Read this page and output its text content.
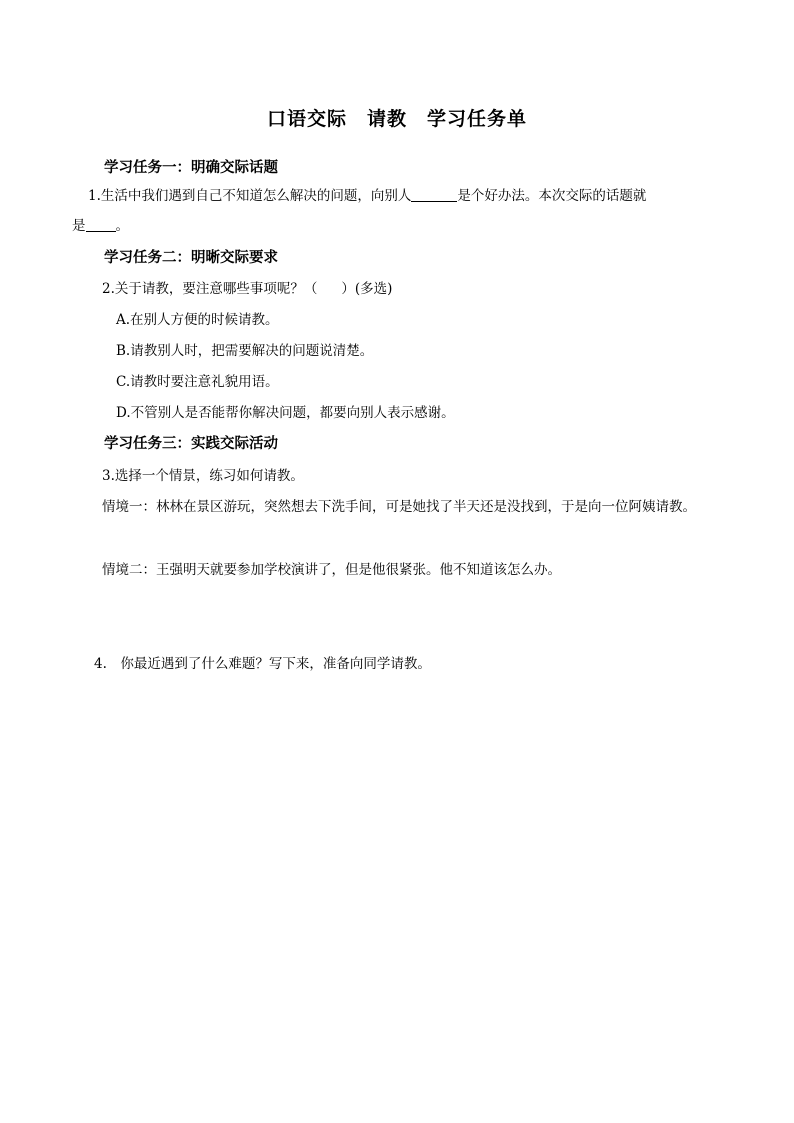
口语交际　请教　学习任务单
学习任务一：明确交际话题
1.生活中我们遇到自己不知道怎么解决的问题，向别人	是个好办法。本次交际的话题就
是 。
学习任务二：明晰交际要求
2.关于请教，要注意哪些事项呢？（ ）(多选)
A.在别人方便的时候请教。
B.请教别人时，把需要解决的问题说清楚。
C.请教时要注意礼貌用语。
D.不管别人是否能帮你解决问题，都要向别人表示感谢。
学习任务三：实践交际活动
3.选择一个情景，练习如何请教。
情境一：林林在景区游玩，突然想去下洗手间，可是她找了半天还是没找到，于是向一位阿姨请教。
情境二：王强明天就要参加学校演讲了，但是他很紧张。他不知道该怎么办。
4.　你最近遇到了什么难题？写下来，准备向同学请教。
